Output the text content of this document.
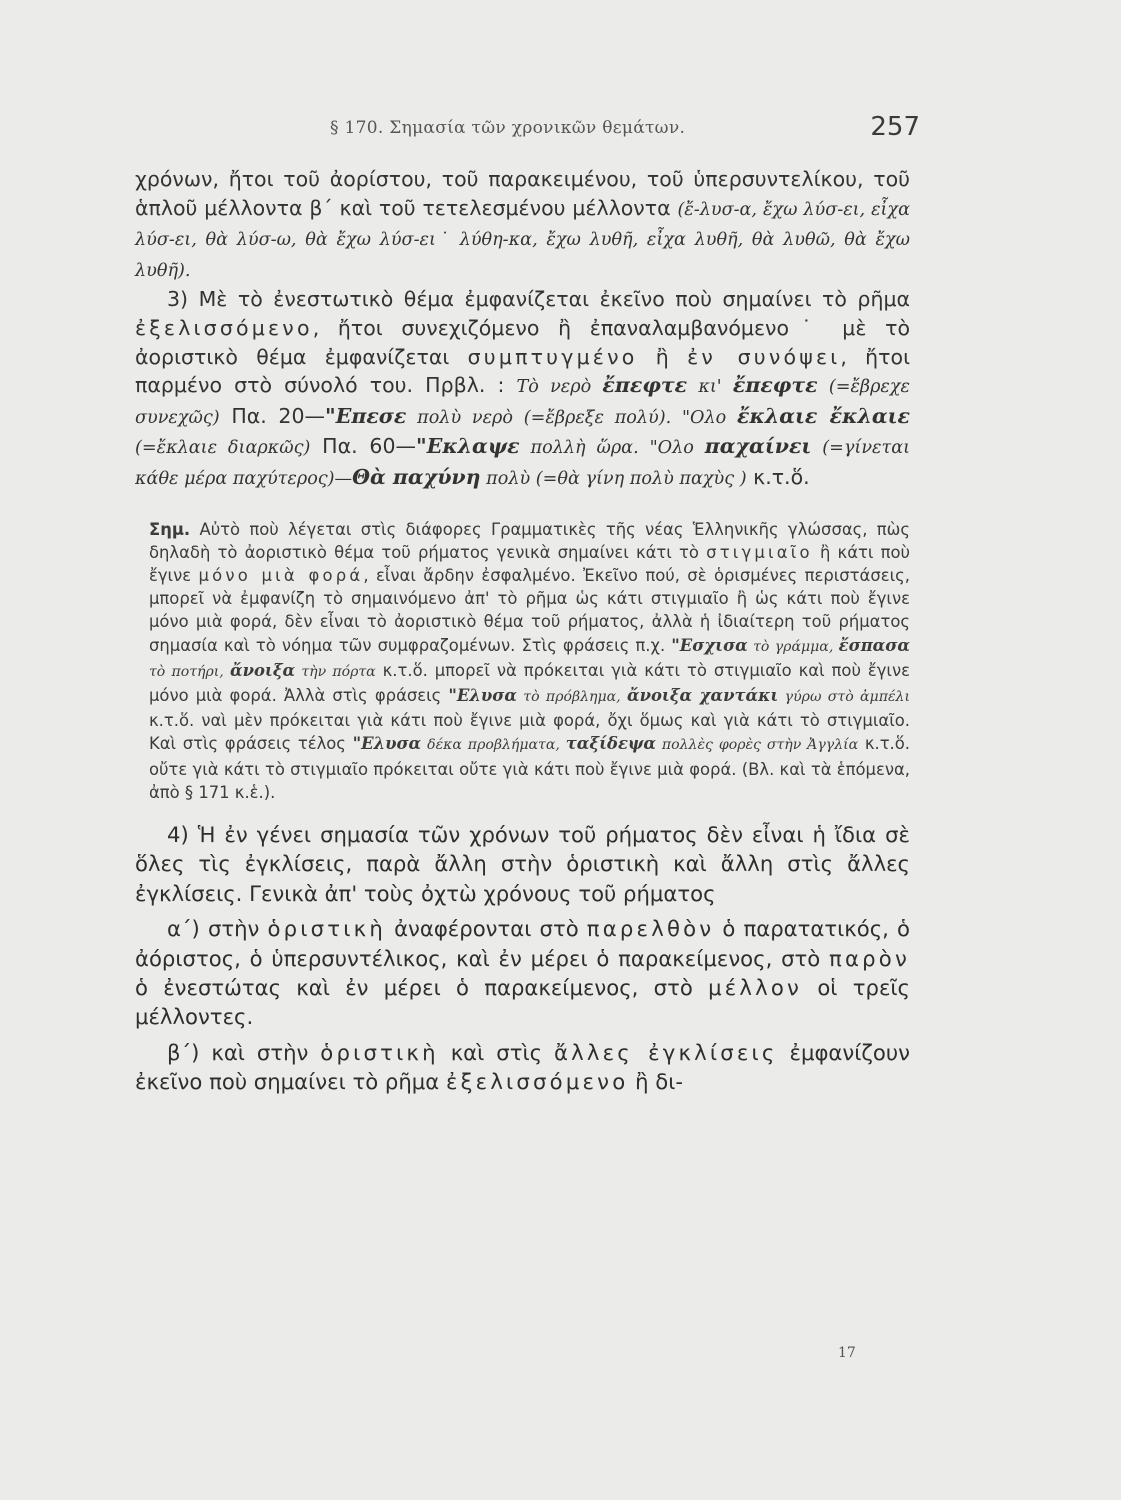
§ 170. Σημασία τῶν χρονικῶν θεμάτων.	257

χρόνων, ἤτοι τοῦ ἀορίστου, τοῦ παρακειμένου, τοῦ ὑπερσυντελίκου, τοῦ ἁπλοῦ μέλλοντα β΄ καὶ τοῦ τετελεσμένου μέλλοντα (ἔ-λυσ-α, ἔχω λύσ-ει, εἶχα λύσ-ει, θὰ λύσ-ω, θὰ ἔχω λύσ-ει˙ λύθη-κα, ἔχω λυθῆ, εἶχα λυθῆ, θὰ λυθῶ, θὰ ἔχω λυθῆ).

3) Μὲ τὸ ἐνεστωτικὸ θέμα ἐμφανίζεται ἐκεῖνο ποὺ σημαίνει τὸ ρῆμα ἐξελισσόμενο, ἤτοι συνεχιζόμενο ἢ ἐπαναλαμβανόμενο˙ μὲ τὸ ἀοριστικὸ θέμα ἐμφανίζεται συμπτυγμένο ἢ ἐν συνόψει, ἤτοι παρμένο στὸ σύνολό του. Πρβλ. : Τὸ νερὸ ἔπεφτε κι' ἔπεφτε (=ἔβρεχε συνεχῶς) Πα. 20—"Επεσε πολὺ νερὸ (=ἔβρεξε πολύ). "Ολο ἔκλαιε ἔκλαιε (=ἔκλαιε διαρκῶς) Πα. 60—"Εκλαψε πολλὴ ὥρα. "Ολο παχαίνει (=γίνεται κάθε μέρα παχύτερος)—Θὰ παχύνη πολὺ (=θὰ γίνη πολὺ παχὺς ) κ.τ.ὅ.

Σημ. Αὐτὸ ποὺ λέγεται στὶς διάφορες Γραμματικὲς τῆς νέας Ἑλληνικῆς γλώσσας, πὼς δηλαδὴ τὸ ἀοριστικὸ θέμα τοῦ ρήματος γενικὰ σημαίνει κάτι τὸ στιγμιαῖο ἢ κάτι ποὺ ἔγινε μόνο μιὰ φορά, εἶναι ἄρδην ἐσφαλμένο. Ἐκεῖνο πού, σὲ ὁρισμένες περιστάσεις, μπορεῖ νὰ ἐμφανίζη τὸ σημαινόμενο ἀπ' τὸ ρῆμα ὡς κάτι στιγμιαῖο ἢ ὡς κάτι ποὺ ἔγινε μόνο μιὰ φορά, δὲν εἶναι τὸ ἀοριστικὸ θέμα τοῦ ρήματος, ἀλλὰ ἡ ἰδιαίτερη τοῦ ρήματος σημασία καὶ τὸ νόημα τῶν συμφραζομένων. Στὶς φράσεις π.χ. "Εσχισα τὸ γράμμα, ἔσπασα τὸ ποτήρι, ἄνοιξα τὴν πόρτα κ.τ.ὅ. μπορεῖ νὰ πρόκειται γιὰ κάτι τὸ στιγμιαῖο καὶ ποὺ ἔγινε μόνο μιὰ φορά. Ἀλλὰ στὶς φράσεις "Ελυσα τὸ πρόβλημα, ἄνοιξα χαντάκι γύρω στὸ ἀμπέλι κ.τ.ὅ. ναὶ μὲν πρόκειται γιὰ κάτι ποὺ ἔγινε μιὰ φορά, ὄχι ὅμως καὶ γιὰ κάτι τὸ στιγμιαῖο. Καὶ στὶς φράσεις τέλος "Ελυσα δέκα προβλήματα, ταξίδεψα πολλὲς φορὲς στὴν Ἀγγλία κ.τ.ὅ. οὔτε γιὰ κάτι τὸ στιγμιαῖο πρόκειται οὔτε γιὰ κάτι ποὺ ἔγινε μιὰ φορά. (Βλ. καὶ τὰ ἑπόμενα, ἀπὸ § 171 κ.ἑ.).

4) Ἡ ἐν γένει σημασία τῶν χρόνων τοῦ ρήματος δὲν εἶναι ἡ ἴδια σὲ ὅλες τὶς ἐγκλίσεις, παρὰ ἄλλη στὴν ὁριστικὴ καὶ ἄλλη στὶς ἄλλες ἐγκλίσεις. Γενικὰ ἀπ' τοὺς ὀχτὼ χρόνους τοῦ ρήματος

α΄) στὴν ὁριστικὴ ἀναφέρονται στὸ παρελθὸν ὁ παρατατικός, ὁ ἀόριστος, ὁ ὑπερσυντέλικος, καὶ ἐν μέρει ὁ παρακείμενος, στὸ παρὸν ὁ ἐνεστώτας καὶ ἐν μέρει ὁ παρακείμενος, στὸ μέλλον οἱ τρεῖς μέλλοντες.

β΄) καὶ στὴν ὁριστικὴ καὶ στὶς ἄλλες ἐγκλίσεις ἐμφανίζουν ἐκεῖνο ποὺ σημαίνει τὸ ρῆμα ἐξελισσόμενο ἢ δι-

17
